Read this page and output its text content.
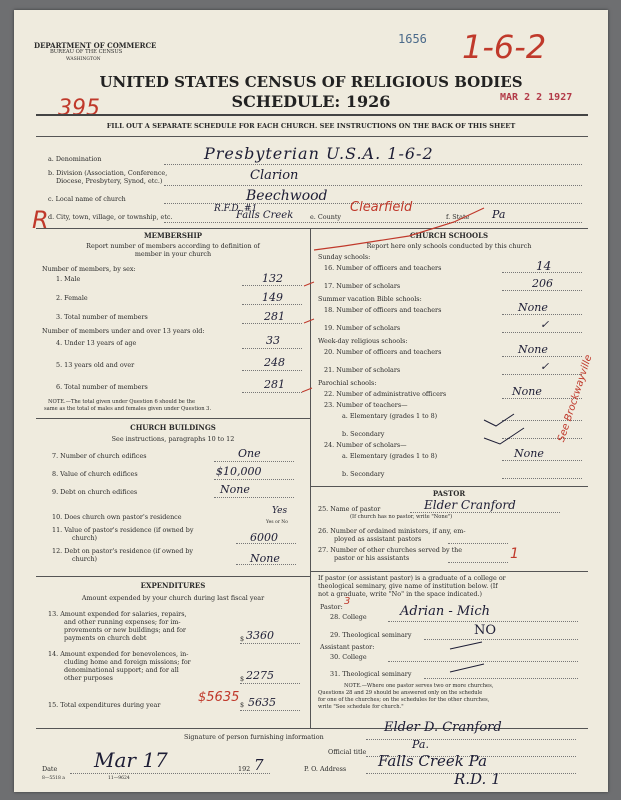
DEPARTMENT OF COMMERCE
BUREAU OF THE CENSUS
WASHINGTON
1656 1-6-2
395	MAR 2 2 1927
UNITED STATES CENSUS OF RELIGIOUS BODIES
SCHEDULE: 1926
FILL OUT A SEPARATE SCHEDULE FOR EACH CHURCH. SEE INSTRUCTIONS ON THE BACK OF THIS SHEET
a. Denomination	Presbyterian U.S.A. 1-6-2
b. Division (Association, Conference,
Diocese, Presbytery, Synod, etc.)	Clarion
R
c. Local name of church	Beechwood
R.F.D. #1
d. City, town, village, or township, etc.	Falls Creek	e. County
Clearfield
f. State Pa
MEMBERSHIP
Report number of members according to definition of
member in your church
Number of members, by sex:
1. Male	132
2. Female	149
3. Total number of members	281
Number of members under and over 13 years old:
4. Under 13 years of age	33
5. 13 years old and over	248
6. Total number of members	281
NOTE.—The total given under Question 6 should be the
same as the total of males and females given under Question 3.
CHURCH BUILDINGS
See instructions, paragraphs 10 to 12
7. Number of church edifices	One
8. Value of church edifices	$10,000
9. Debt on church edifices	None
10. Does church own pastor's residence
Yes
Yes or No
11. Value of pastor's residence (if owned by
church)	6000
12. Debt on pastor's residence (if owned by
church)	None
EXPENDITURES
Amount expended by your church during last fiscal year
13. Amount expended for salaries, repairs,
and other running expenses; for im-
provements or new buildings; and for
payments on church debt	$ 3360
14. Amount expended for benevolences, in-
cluding home and foreign missions; for
denominational support; and for all
other purposes	$ 2275
15. Total expenditures during year	$5635 $ 5635
CHURCH SCHOOLS
Report here only schools conducted by this church
Sunday schools:
16. Number of officers and teachers	14
17. Number of scholars	206
Summer vacation Bible schools:
18. Number of officers and teachers	None
19. Number of scholars	✓
Week-day religious schools:
20. Number of officers and teachers	None
21. Number of scholars	✓
Parochial schools:
22. Number of administrative officers	None
23. Number of teachers—
a. Elementary (grades 1 to 8)
b. Secondary
24. Number of scholars—
a. Elementary (grades 1 to 8)	None
b. Secondary
See Brockwayville
PASTOR
25. Name of pastor	Elder Cranford
(If church has no pastor, write "None")
26. Number of ordained ministers, if any, em-
ployed as assistant pastors
27. Number of other churches served by the
pastor or his assistants	1
If pastor (or assistant pastor) is a graduate of a college or
theological seminary, give name of institution below. (If
not a graduate, write "No" in the space indicated.)
Pastor: 3
28. College	Adrian - Mich
29. Theological seminary	NO
Assistant pastor:
30. College
31. Theological seminary
NOTE.—Where one pastor serves two or more churches,
Questions 28 and 29 should be answered only on the schedule
for one of the churches; on the schedules for the other churches,
write "See schedule for church."
Signature of person furnishing information
Elder D. Cranford
Official title
Pa.
Date Mar 17	192 7	P. O. Address Falls Creek Pa
R.D. 1
8—5518 a	11—9624
